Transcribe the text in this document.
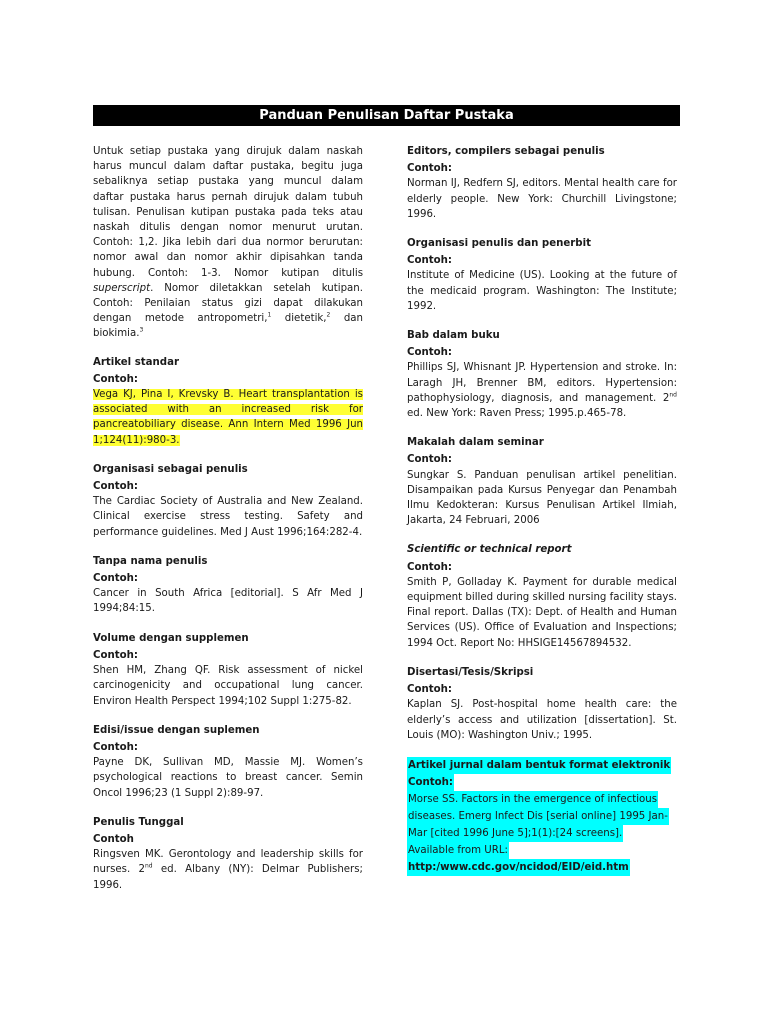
Panduan Penulisan Daftar Pustaka

Untuk setiap pustaka yang dirujuk dalam naskah harus muncul dalam daftar pustaka, begitu juga sebaliknya setiap pustaka yang muncul dalam daftar pustaka harus pernah dirujuk dalam tubuh tulisan. Penulisan kutipan pustaka pada teks atau naskah ditulis dengan nomor menurut urutan. Contoh: 1,2. Jika lebih dari dua normor berurutan: nomor awal dan nomor akhir dipisahkan tanda hubung. Contoh: 1-3. Nomor kutipan ditulis superscript. Nomor diletakkan setelah kutipan. Contoh: Penilaian status gizi dapat dilakukan dengan metode antropometri,$^1$ dietetik,$^2$ dan biokimia.$^3$

Artikel standar

Contoh:

Vega KJ, Pina I, Krevsky B. Heart transplantation is associated with an increased risk for pancreatobiliary disease. Ann Intern Med 1996 Jun 1;124(11):980-3.

Organisasi sebagai penulis

Contoh:

The Cardiac Society of Australia and New Zealand. Clinical exercise stress testing. Safety and performance guidelines. Med J Aust 1996;164:282-4.

Tanpa nama penulis

Contoh:

Cancer in South Africa [editorial]. S Afr Med J 1994;84:15.

Volume dengan supplemen

Contoh:

Shen HM, Zhang QF. Risk assessment of nickel carcinogenicity and occupational lung cancer. Environ Health Perspect 1994;102 Suppl 1:275-82.

Edisi/issue dengan suplemen

Contoh:

Payne DK, Sullivan MD, Massie MJ. Women’s psychological reactions to breast cancer. Semin Oncol 1996;23 (1 Suppl 2):89-97.

Penulis Tunggal

Contoh

Ringsven MK. Gerontology and leadership skills for nurses. 2nd ed. Albany (NY): Delmar Publishers; 1996.

Editors, compilers sebagai penulis

Contoh:

Norman IJ, Redfern SJ, editors. Mental health care for elderly people. New York: Churchill Livingstone; 1996.

Organisasi penulis dan penerbit

Contoh:

Institute of Medicine (US). Looking at the future of the medicaid program. Washington: The Institute; 1992.

Bab dalam buku

Contoh:

Phillips SJ, Whisnant JP. Hypertension and stroke. In: Laragh JH, Brenner BM, editors. Hypertension: pathophysiology, diagnosis, and management. 2nd ed. New York: Raven Press; 1995.p.465-78.

Makalah dalam seminar

Contoh:

Sungkar S. Panduan penulisan artikel penelitian. Disampaikan pada Kursus Penyegar dan Penambah Ilmu Kedokteran: Kursus Penulisan Artikel Ilmiah, Jakarta, 24 Februari, 2006

Scientific or technical report

Contoh:

Smith P, Golladay K. Payment for durable medical equipment billed during skilled nursing facility stays. Final report. Dallas (TX): Dept. of Health and Human Services (US). Office of Evaluation and Inspections; 1994 Oct. Report No: HHSIGE14567894532.

Disertasi/Tesis/Skripsi

Contoh:

Kaplan SJ. Post-hospital home health care: the elderly’s access and utilization [dissertation]. St. Louis (MO): Washington Univ.; 1995.

Artikel jurnal dalam bentuk format elektronik

Contoh:

Morse SS. Factors in the emergence of infectious

diseases. Emerg Infect Dis [serial online] 1995 Jan-

Mar [cited 1996 June 5];1(1):[24 screens].

Available from URL:

http:/www.cdc.gov/ncidod/EID/eid.htm
